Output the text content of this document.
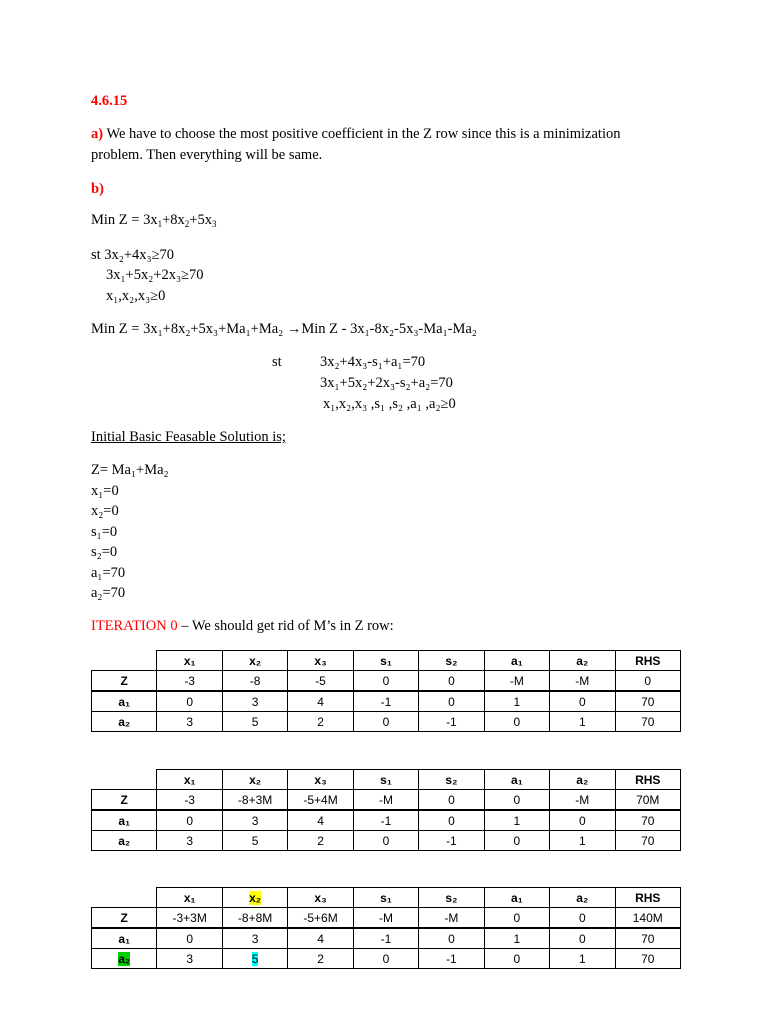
4.6.15
a) We have to choose the most positive coefficient in the Z row since this is a minimization
problem. Then everything will be same.
b)
Min $Z = 3x_1+8x_2+5x_3$
st 3x₂+4x₃≥70
3x₁+5x₂+2x₃≥70
x₁,x₂,x₃≥0
Min Z = 3x₁+8x₂+5x₃+Ma₁+Ma₂ →Min Z - 3x₁-8x₂-5x₃-Ma₁-Ma₂
st	3x₂+4x₃-s₁+a₁=70
3x₁+5x₂+2x₃-s₂+a₂=70
x₁,x₂,x₃ ,s₁ ,s₂ ,a₁ ,a₂≥0
Initial Basic Feasable Solution is;
Z= Ma₁+Ma₂
x₁=0
x₂=0
s₁=0
s₂=0
a₁=70
a₂=70
ITERATION 0 – We should get rid of M’s in Z row:
	x₁	x₂	x₃	s₁	s₂	a₁	a₂	RHS
Z	-3	-8	-5	0	0	-M	-M	0
a₁	0	3	4	-1	0	1	0	70
a₂	3	5	2	0	-1	0	1	70
	x₁	x₂	x₃	s₁	s₂	a₁	a₂	RHS
Z	-3	-8+3M	-5+4M	-M	0	0	-M	70M
a₁	0	3	4	-1	0	1	0	70
a₂	3	5	2	0	-1	0	1	70
	x₁	x₂	x₃	s₁	s₂	a₁	a₂	RHS
Z	-3+3M	-8+8M	-5+6M	-M	-M	0	0	140M
a₁	0	3	4	-1	0	1	0	70
a₂	3	5	2	0	-1	0	1	70
